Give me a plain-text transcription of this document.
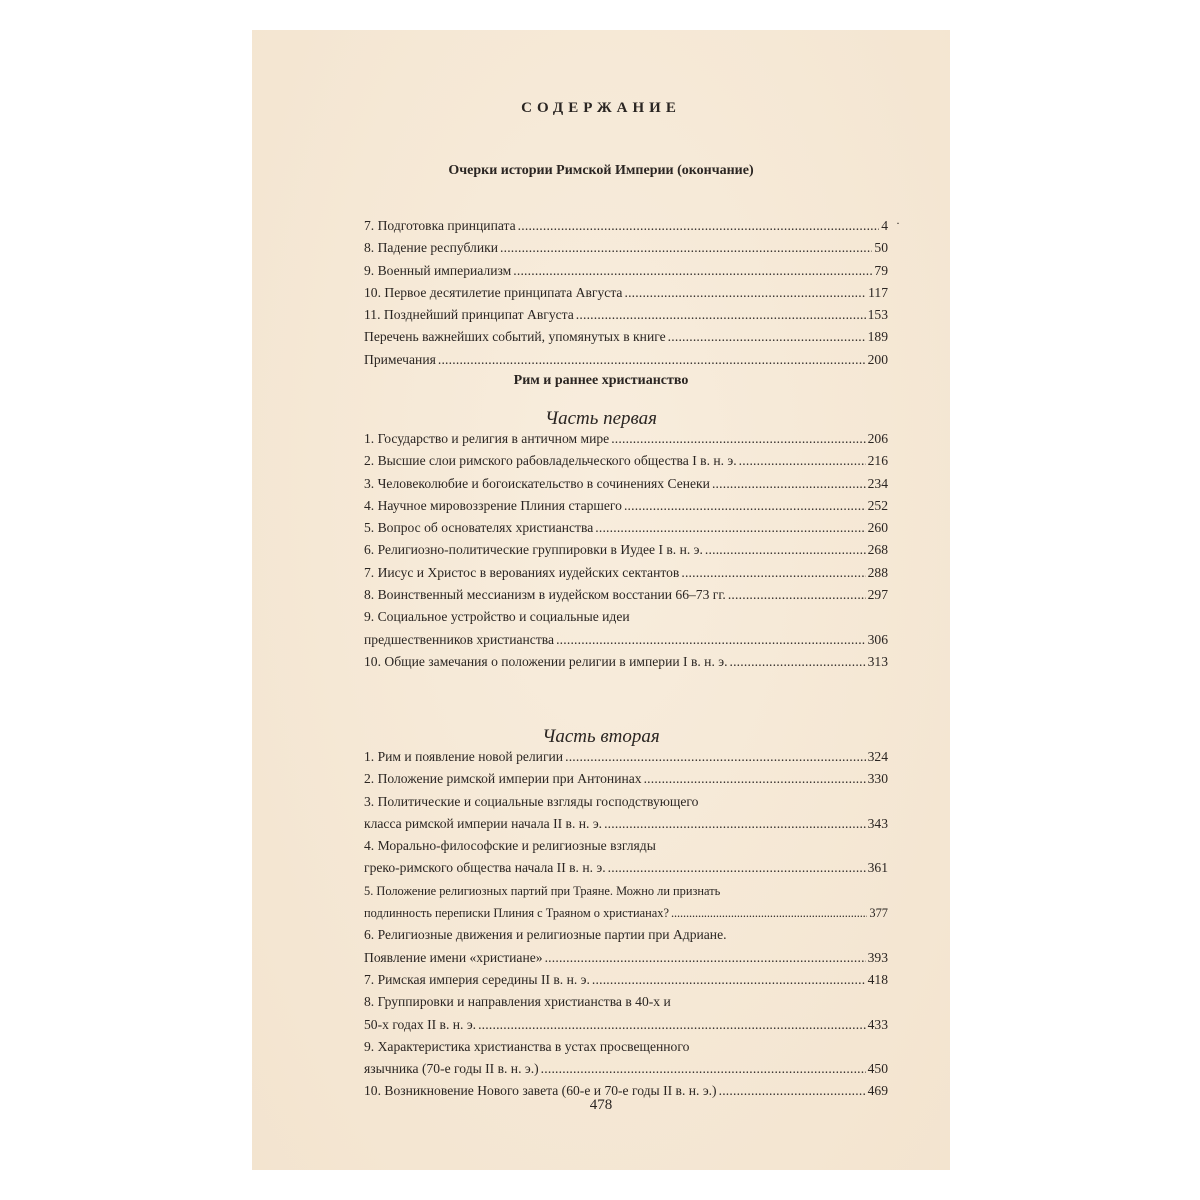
СОДЕРЖАНИЕ
Очерки истории Римской Империи (окончание)
7. Подготовка принципата . . .	4
8. Падение республики . . .	50
9. Военный империализм . . .	79
10. Первое десятилетие принципата Августа . . .	117
11. Позднейший принципат Августа . . .	153
Перечень важнейших событий, упомянутых в книге . . .	189
Примечания . . .	200
Рим и раннее христианство
Часть первая
1. Государство и религия в античном мире . . .	206
2. Высшие слои римского рабовладельческого общества I в. н. э. . . .	216
3. Человеколюбие и богоискательство в сочинениях Сенеки . . .	234
4. Научное мировоззрение Плиния старшего . . .	252
5. Вопрос об основателях христианства . . .	260
6. Религиозно-политические группировки в Иудее I в. н. э. . . .	268
7. Иисус и Христос в верованиях иудейских сектантов . . .	288
8. Воинственный мессианизм в иудейском восстании 66–73 гг. . . .	297
9. Социальное устройство и социальные идеи
предшественников христианства . . .	306
10. Общие замечания о положении религии в империи I в. н. э. . . .	313
Часть вторая
1. Рим и появление новой религии . . .	324
2. Положение римской империи при Антонинах . . .	330
3. Политические и социальные взгляды господствующего
класса римской империи начала II в. н. э. . . .	343
4. Морально-философские и религиозные взгляды
греко-римского общества начала II в. н. э. . . .	361
5. Положение религиозных партий при Траяне. Можно ли признать
подлинность переписки Плиния с Траяном о христианах? . . .	377
6. Религиозные движения и религиозные партии при Адриане.
Появление имени «христиане» . . .	393
7. Римская империя середины II в. н. э. . . .	418
8. Группировки и направления христианства в 40-х и
50-х годах II в. н. э. . . .	433
9. Характеристика христианства в устах просвещенного
язычника (70-е годы II в. н. э.) . . .	450
10. Возникновение Нового завета (60-е и 70-е годы II в. н. э.) . . .	469
·
478
